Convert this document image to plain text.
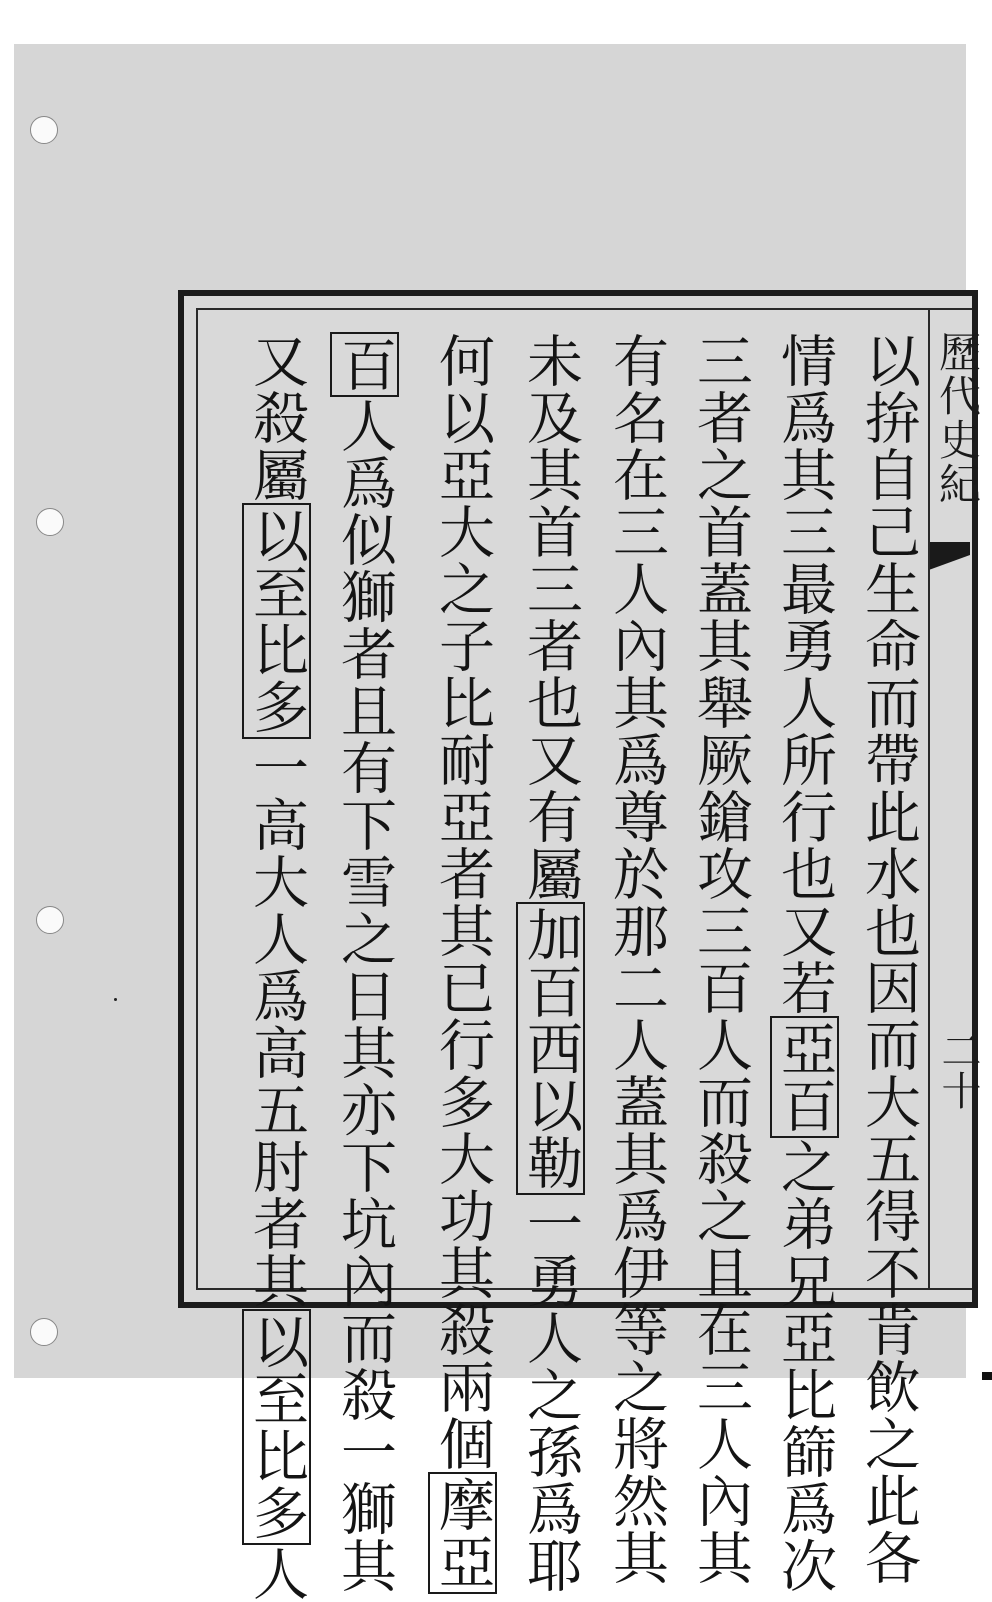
歷代史紀
二十
以拚自己生命而帶此水也因而大五得不肯飲之此各
情爲其三最勇人所行也又若亞百之弟兄亞比篩爲次
三者之首蓋其舉厥鎗攻三百人而殺之且在三人內其
有名在三人內其爲尊於那二人蓋其爲伊等之將然其
未及其首三者也又有屬加百西以勒一勇人之孫爲耶
何以亞大之子比耐亞者其已行多大功其殺兩個摩亞
百人爲似獅者且有下雪之日其亦下坑內而殺一獅其
又殺屬以至比多一高大人爲高五肘者其以至比多人
